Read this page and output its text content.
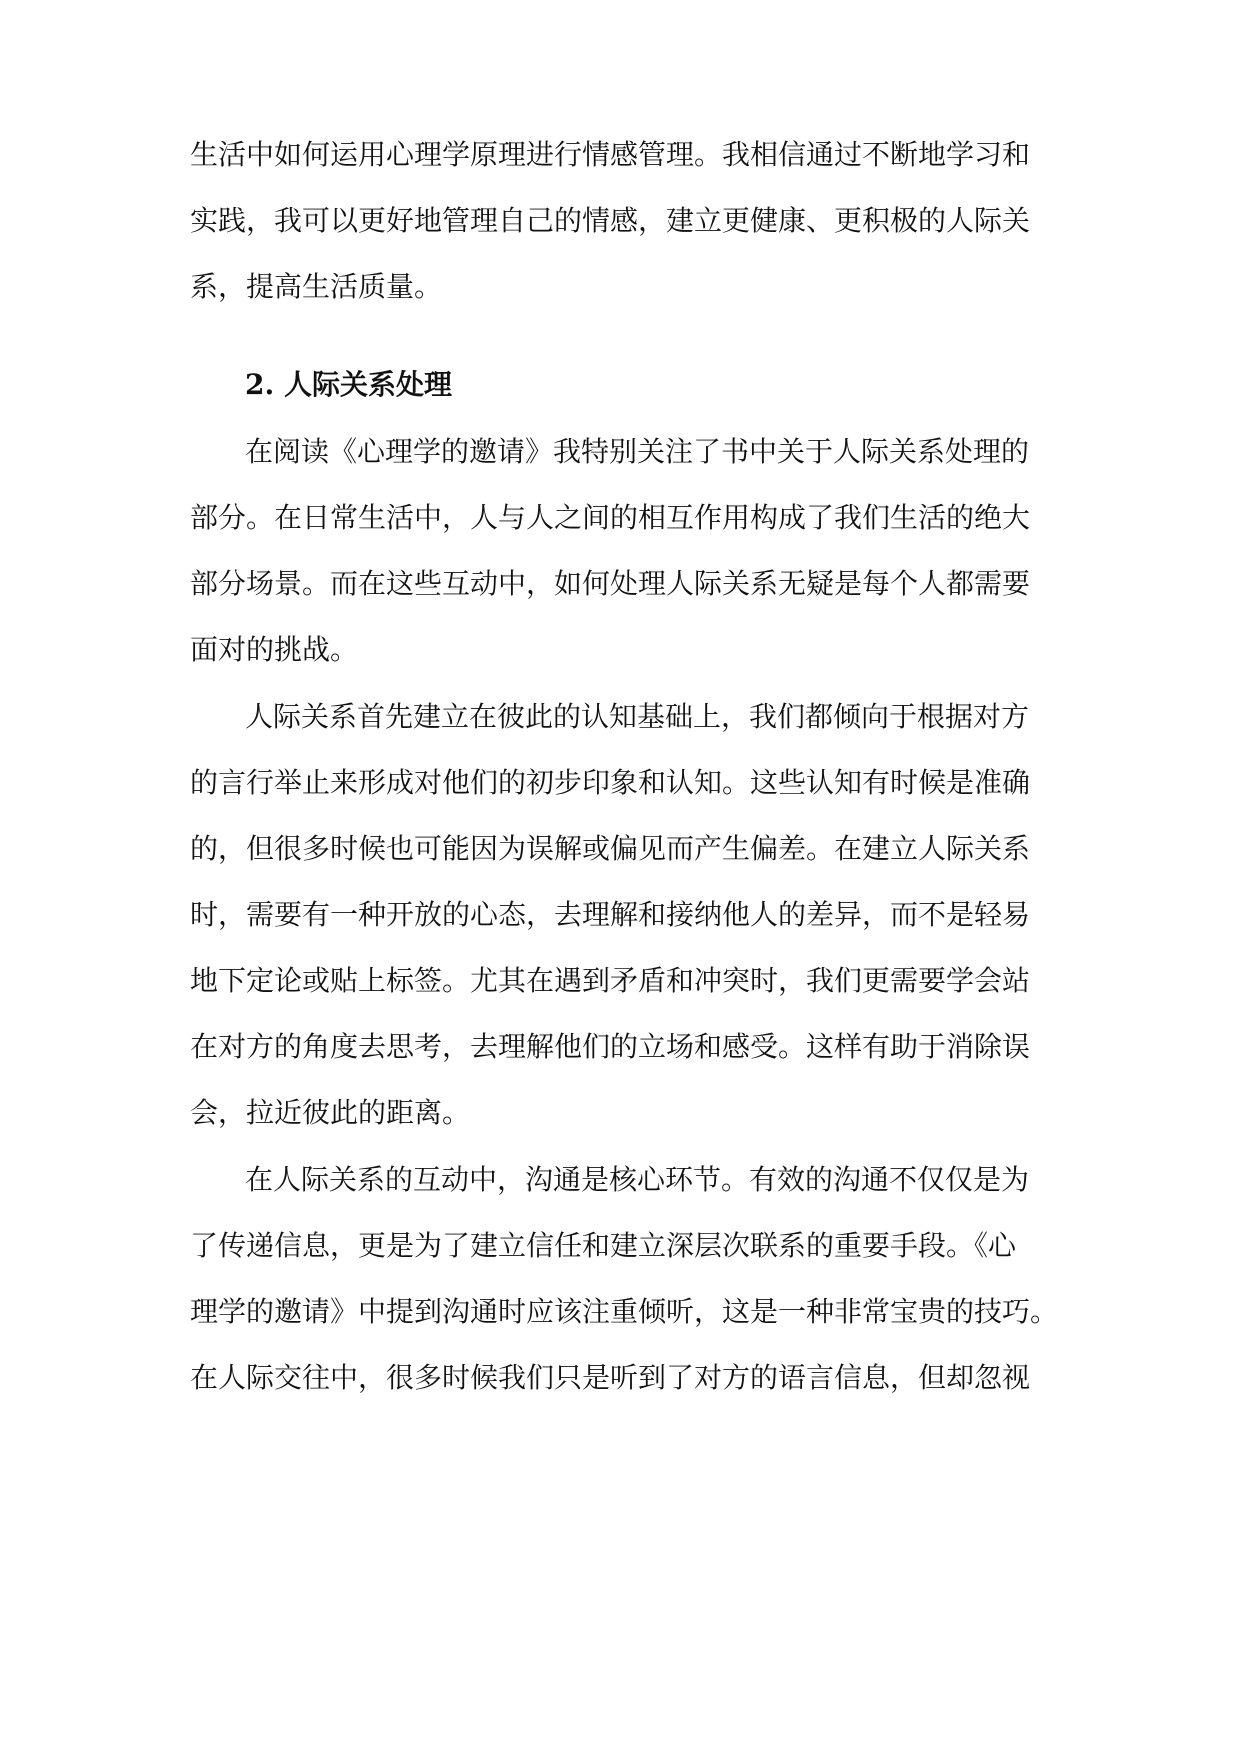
生活中如何运用心理学原理进行情感管理。我相信通过不断地学习和
实践，我可以更好地管理自己的情感，建立更健康、更积极的人际关
系，提高生活质量。
2. 人际关系处理
在阅读《心理学的邀请》我特别关注了书中关于人际关系处理的
部分。在日常生活中，人与人之间的相互作用构成了我们生活的绝大
部分场景。而在这些互动中，如何处理人际关系无疑是每个人都需要
面对的挑战。
人际关系首先建立在彼此的认知基础上，我们都倾向于根据对方
的言行举止来形成对他们的初步印象和认知。这些认知有时候是准确
的，但很多时候也可能因为误解或偏见而产生偏差。在建立人际关系
时，需要有一种开放的心态，去理解和接纳他人的差异，而不是轻易
地下定论或贴上标签。尤其在遇到矛盾和冲突时，我们更需要学会站
在对方的角度去思考，去理解他们的立场和感受。这样有助于消除误
会，拉近彼此的距离。
在人际关系的互动中，沟通是核心环节。有效的沟通不仅仅是为
了传递信息，更是为了建立信任和建立深层次联系的重要手段。《心
理学的邀请》中提到沟通时应该注重倾听，这是一种非常宝贵的技巧。
在人际交往中，很多时候我们只是听到了对方的语言信息，但却忽视
